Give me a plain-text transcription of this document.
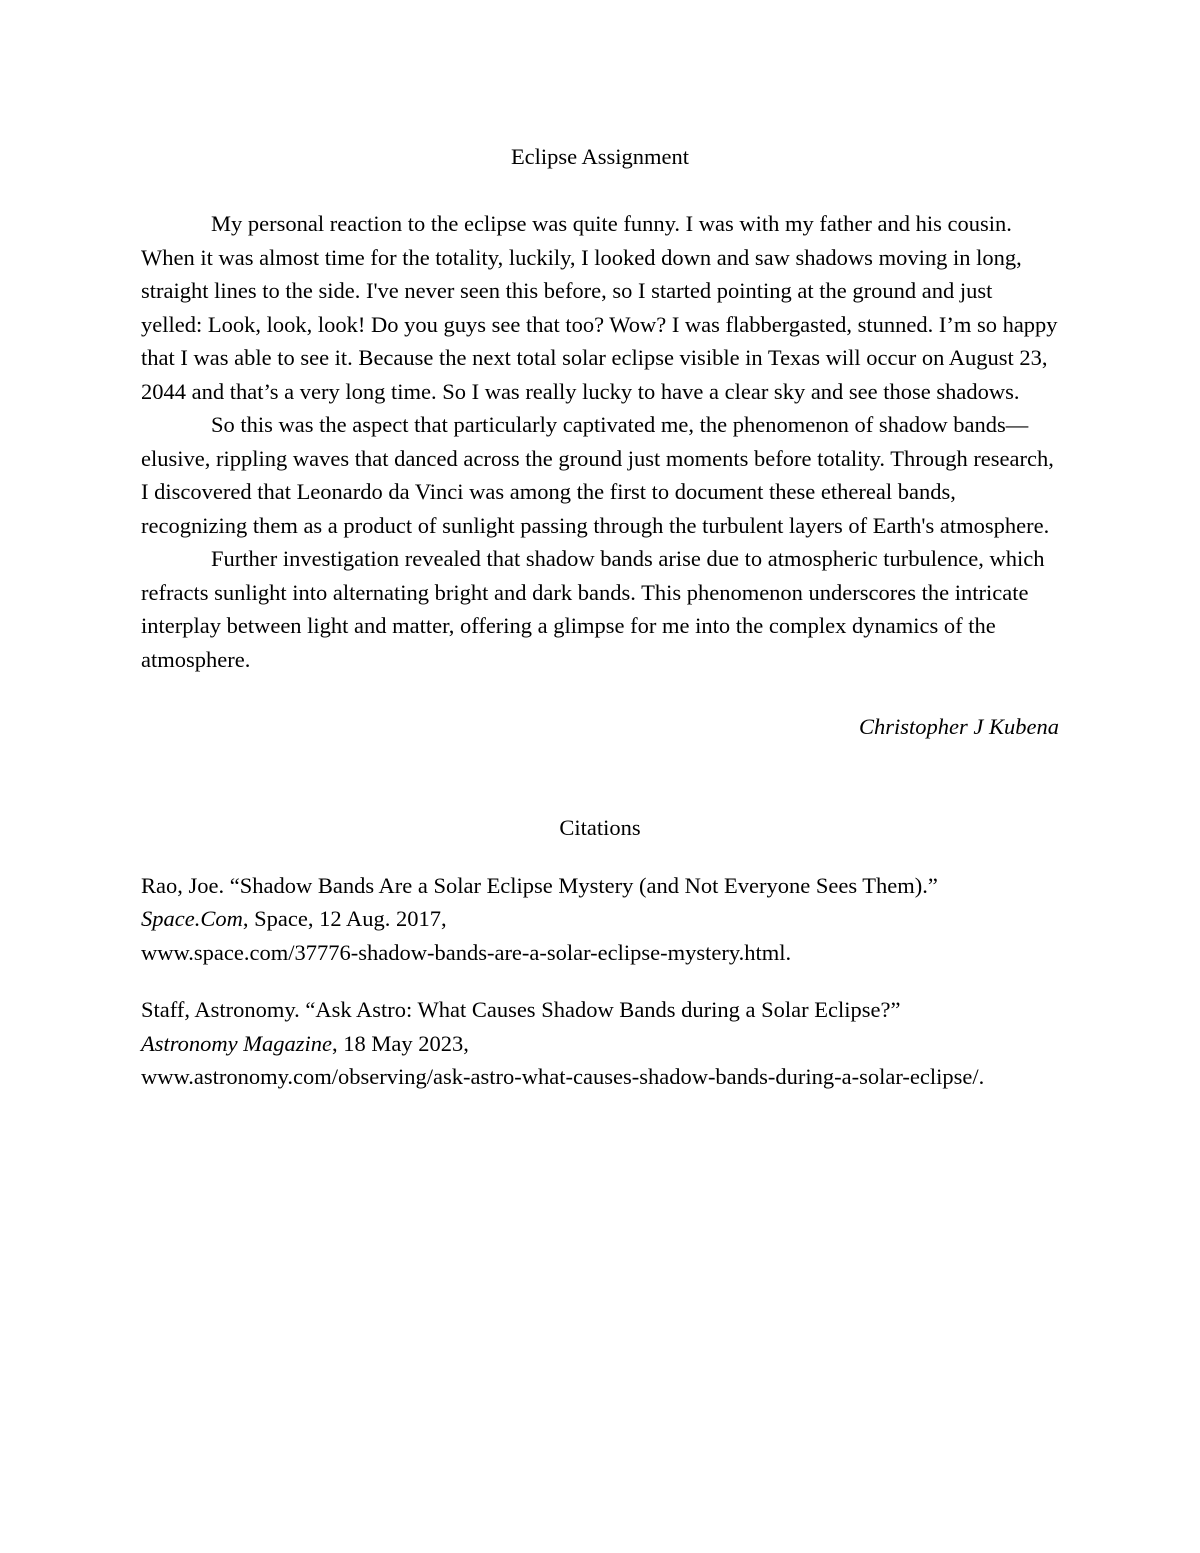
Eclipse Assignment

My personal reaction to the eclipse was quite funny. I was with my father and his cousin. When it was almost time for the totality, luckily, I looked down and saw shadows moving in long, straight lines to the side. I've never seen this before, so I started pointing at the ground and just yelled: Look, look, look! Do you guys see that too? Wow? I was flabbergasted, stunned. I’m so happy that I was able to see it. Because the next total solar eclipse visible in Texas will occur on August 23, 2044 and that’s a very long time. So I was really lucky to have a clear sky and see those shadows.

So this was the aspect that particularly captivated me, the phenomenon of shadow bands—elusive, rippling waves that danced across the ground just moments before totality. Through research, I discovered that Leonardo da Vinci was among the first to document these ethereal bands, recognizing them as a product of sunlight passing through the turbulent layers of Earth's atmosphere.

Further investigation revealed that shadow bands arise due to atmospheric turbulence, which refracts sunlight into alternating bright and dark bands. This phenomenon underscores the intricate interplay between light and matter, offering a glimpse for me into the complex dynamics of the atmosphere.

Christopher J Kubena

Citations
Rao, Joe. “Shadow Bands Are a Solar Eclipse Mystery (and Not Everyone Sees Them).”
Space.Com, Space, 12 Aug. 2017,
www.space.com/37776-shadow-bands-are-a-solar-eclipse-mystery.html.
Staff, Astronomy. “Ask Astro: What Causes Shadow Bands during a Solar Eclipse?”
Astronomy Magazine, 18 May 2023,
www.astronomy.com/observing/ask-astro-what-causes-shadow-bands-during-a-solar-eclipse/.
